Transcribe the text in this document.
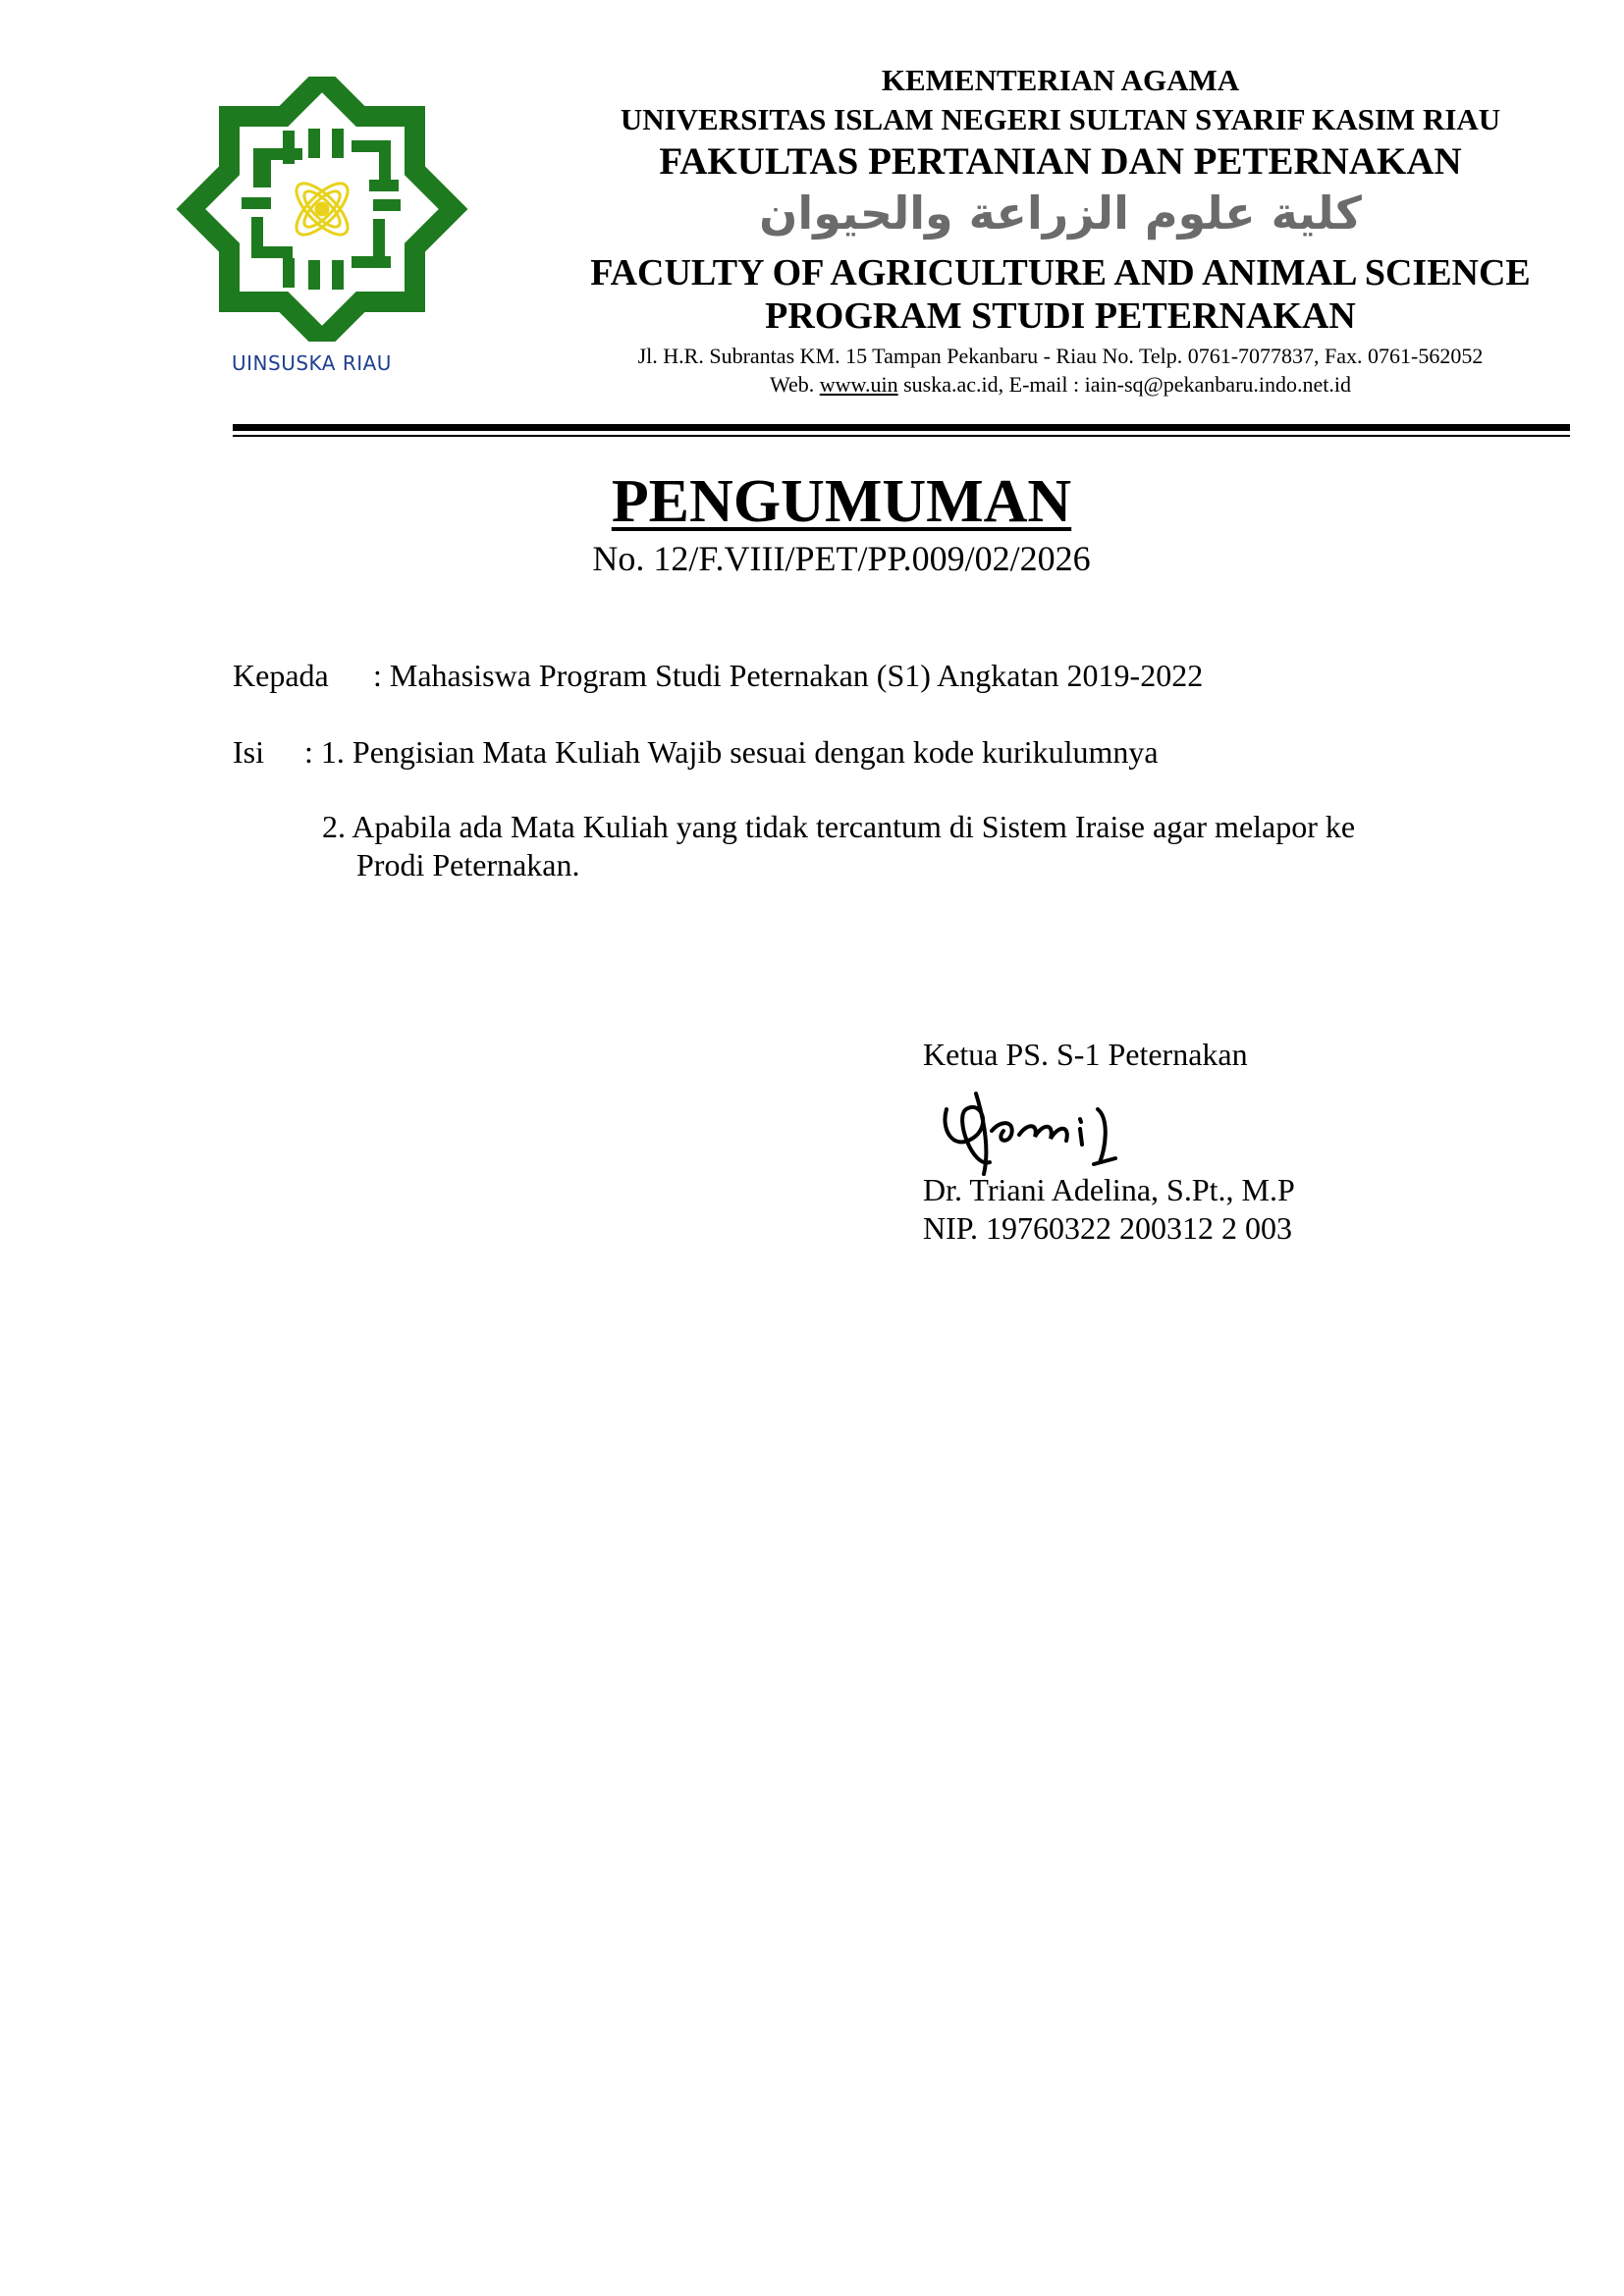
UINSUSKA RIAU
KEMENTERIAN AGAMA
UNIVERSITAS ISLAM NEGERI SULTAN SYARIF KASIM RIAU
FAKULTAS PERTANIAN DAN PETERNAKAN
كلية علوم الزراعة والحيوان
FACULTY OF AGRICULTURE AND ANIMAL SCIENCE
PROGRAM STUDI PETERNAKAN
Jl. H.R. Subrantas KM. 15 Tampan Pekanbaru - Riau No. Telp. 0761-7077837, Fax. 0761-562052
Web. www.uin suska.ac.id, E-mail : iain-sq@pekanbaru.indo.net.id
PENGUMUMAN
No. 12/F.VIII/PET/PP.009/02/2026
Kepada : Mahasiswa Program Studi Peternakan (S1) Angkatan 2019-2022
Isi : 1. Pengisian Mata Kuliah Wajib sesuai dengan kode kurikulumnya
2. Apabila ada Mata Kuliah yang tidak tercantum di Sistem Iraise agar melapor ke
Prodi Peternakan.
Ketua PS. S-1 Peternakan
Dr. Triani Adelina, S.Pt., M.P
NIP. 19760322 200312 2 003
